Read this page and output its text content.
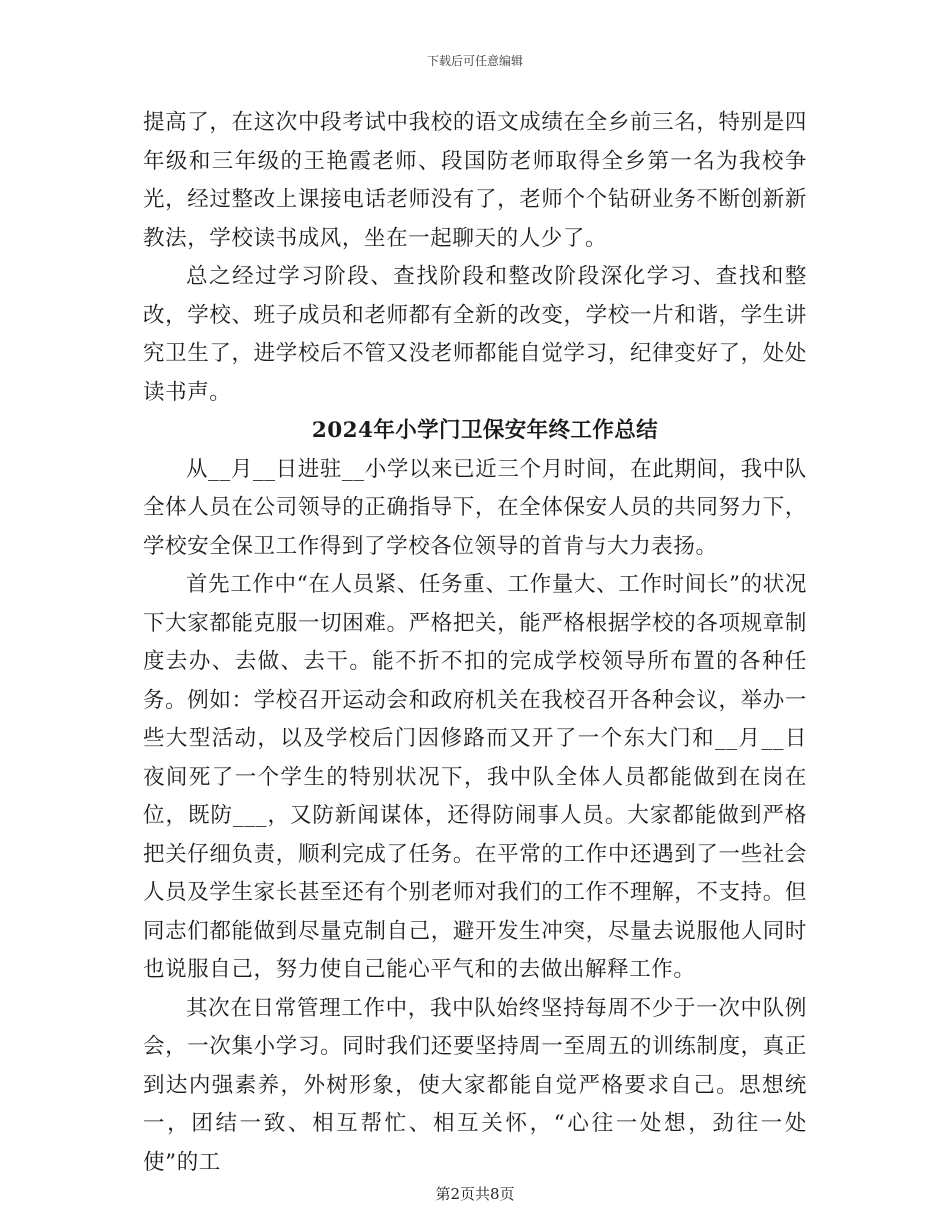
下载后可任意编辑

提高了，在这次中段考试中我校的语文成绩在全乡前三名，特别是四年级和三年级的王艳霞老师、段国防老师取得全乡第一名为我校争光，经过整改上课接电话老师没有了，老师个个钻研业务不断创新新教法，学校读书成风，坐在一起聊天的人少了。

总之经过学习阶段、查找阶段和整改阶段深化学习、查找和整改，学校、班子成员和老师都有全新的改变，学校一片和谐，学生讲究卫生了，进学校后不管又没老师都能自觉学习，纪律变好了，处处读书声。

2024年小学门卫保安年终工作总结

从__月__日进驻__小学以来已近三个月时间，在此期间，我中队全体人员在公司领导的正确指导下，在全体保安人员的共同努力下，学校安全保卫工作得到了学校各位领导的首肯与大力表扬。

首先工作中“在人员紧、任务重、工作量大、工作时间长”的状况下大家都能克服一切困难。严格把关，能严格根据学校的各项规章制度去办、去做、去干。能不折不扣的完成学校领导所布置的各种任务。例如：学校召开运动会和政府机关在我校召开各种会议，举办一些大型活动，以及学校后门因修路而又开了一个东大门和__月__日夜间死了一个学生的特别状况下，我中队全体人员都能做到在岗在位，既防___，又防新闻谋体，还得防闹事人员。大家都能做到严格把关仔细负责，顺利完成了任务。在平常的工作中还遇到了一些社会人员及学生家长甚至还有个别老师对我们的工作不理解，不支持。但同志们都能做到尽量克制自己，避开发生冲突，尽量去说服他人同时也说服自己，努力使自己能心平气和的去做出解释工作。

其次在日常管理工作中，我中队始终坚持每周不少于一次中队例会，一次集小学习。同时我们还要坚持周一至周五的训练制度，真正到达内强素养，外树形象，使大家都能自觉严格要求自己。思想统一，团结一致、相互帮忙、相互关怀，“心往一处想，劲往一处使”的工

第2页共8页
